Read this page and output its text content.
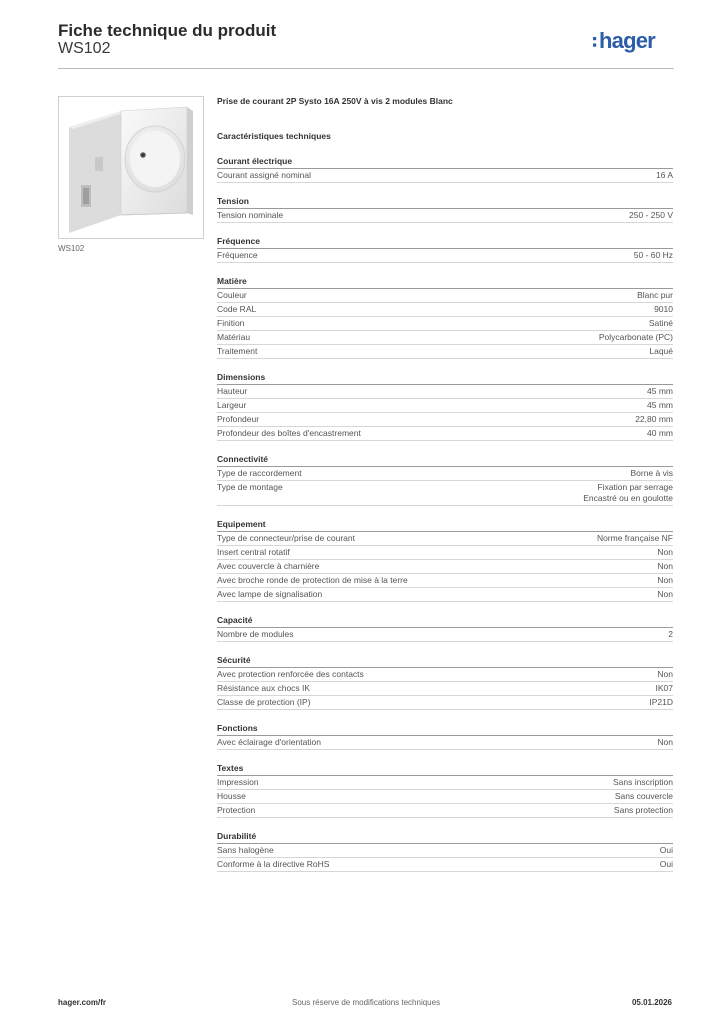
Fiche technique du produit
WS102	hager
WS102
Prise de courant 2P Systo 16A 250V à vis 2 modules Blanc
Caractéristiques techniques
Courant électrique
Courant assigné nominal	16 A
Tension
Tension nominale	250 - 250 V
Fréquence
Fréquence	50 - 60 Hz
Matière
Couleur	Blanc pur
Code RAL	9010
Finition	Satiné
Matériau	Polycarbonate (PC)
Traitement	Laqué
Dimensions
Hauteur	45 mm
Largeur	45 mm
Profondeur	22,80 mm
Profondeur des boîtes d'encastrement	40 mm
Connectivité
Type de raccordement	Borne à vis
Type de montage	Fixation par serrage
Encastré ou en goulotte
Equipement
Type de connecteur/prise de courant	Norme française NF
Insert central rotatif	Non
Avec couvercle à charnière	Non
Avec broche ronde de protection de mise à la terre	Non
Avec lampe de signalisation	Non
Capacité
Nombre de modules	2
Sécurité
Avec protection renforcée des contacts	Non
Résistance aux chocs IK	IK07
Classe de protection (IP)	IP21D
Fonctions
Avec éclairage d'orientation	Non
Textes
Impression	Sans inscription
Housse	Sans couvercle
Protection	Sans protection
Durabilité
Sans halogène	Oui
Conforme à la directive RoHS	Oui
hager.com/fr	Sous réserve de modifications techniques	05.01.2026
